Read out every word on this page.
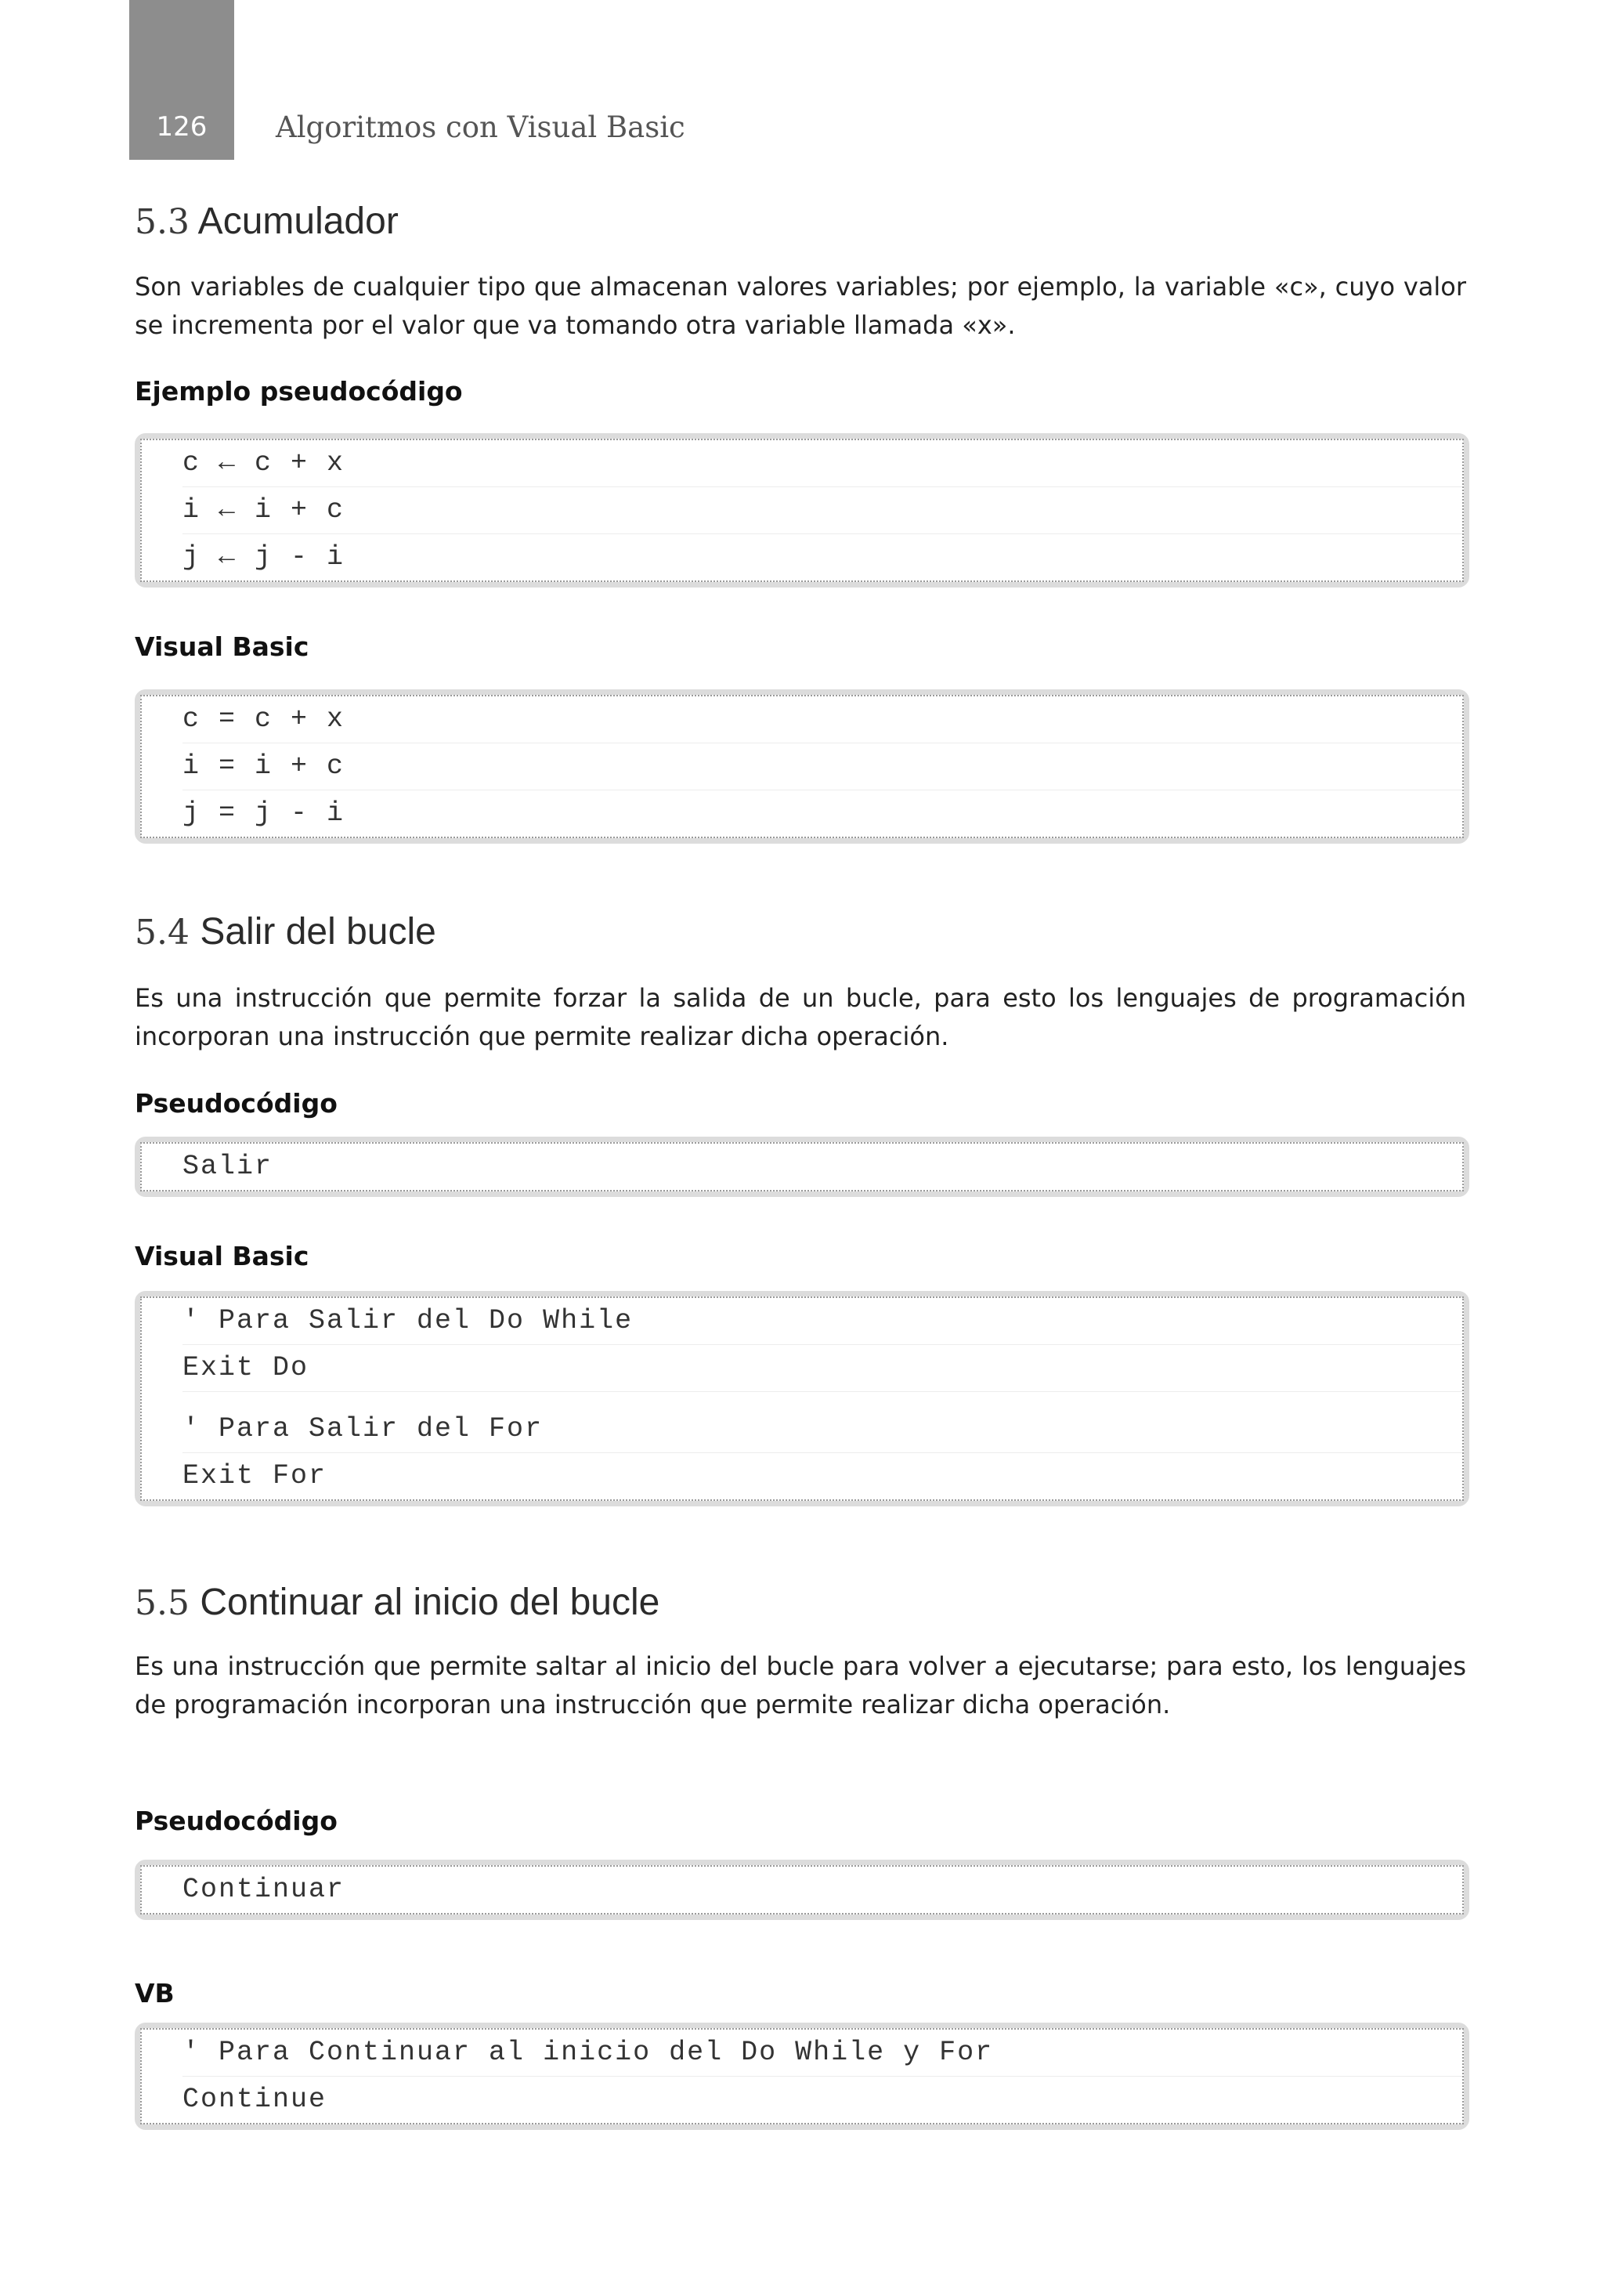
126	Algoritmos con Visual Basic
5.3 Acumulador

Son variables de cualquier tipo que almacenan valores variables; por ejemplo, la variable «c», cuyo valor se incrementa por el valor que va tomando otra variable llamada «x».

Ejemplo pseudocódigo
c ← c + x
i ← i + c
j ← j - i
Visual Basic
c = c + x
i = i + c
j = j - i
5.4 Salir del bucle

Es una instrucción que permite forzar la salida de un bucle, para esto los lenguajes de programación incorporan una instrucción que permite realizar dicha operación.

Pseudocódigo
Salir
Visual Basic
' Para Salir del Do While
Exit Do
' Para Salir del For
Exit For
5.5 Continuar al inicio del bucle

Es una instrucción que permite saltar al inicio del bucle para volver a ejecutarse; para esto, los lenguajes de programación incorporan una instrucción que permite realizar dicha operación.

Pseudocódigo
Continuar
VB
' Para Continuar al inicio del Do While y For
Continue
